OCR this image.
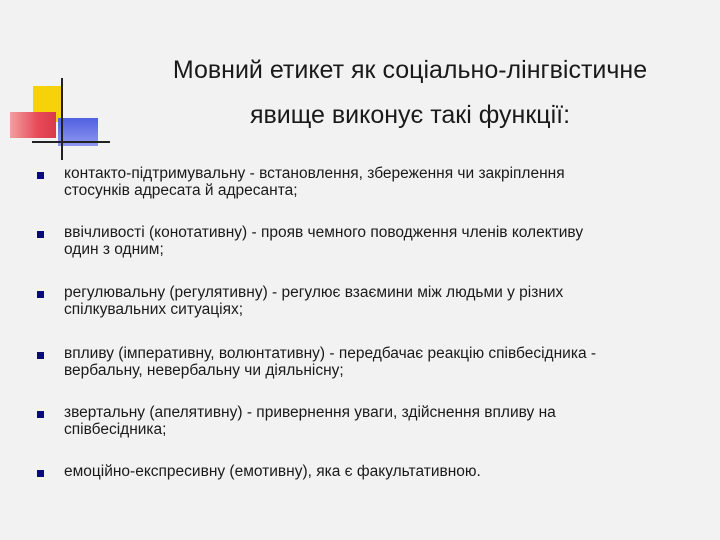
Мовний етикет як соціально-лінгвістичне
явище виконує такі функції:
контакто-підтримувальну - встановлення, збереження чи закріплення
стосунків адресата й адресанта;
ввічливості (конотативну) - прояв чемного поводження членів колективу
один з одним;
регулювальну (регулятивну) - регулює взаємини між людьми у різних
спілкувальних ситуаціях;
впливу (імперативну, волюнтативну) - передбачає реакцію співбесідника -
вербальну, невербальну чи діяльнісну;
звертальну (апелятивну) - привернення уваги, здійснення впливу на
співбесідника;
емоційно-експресивну (емотивну), яка є факультативною.
